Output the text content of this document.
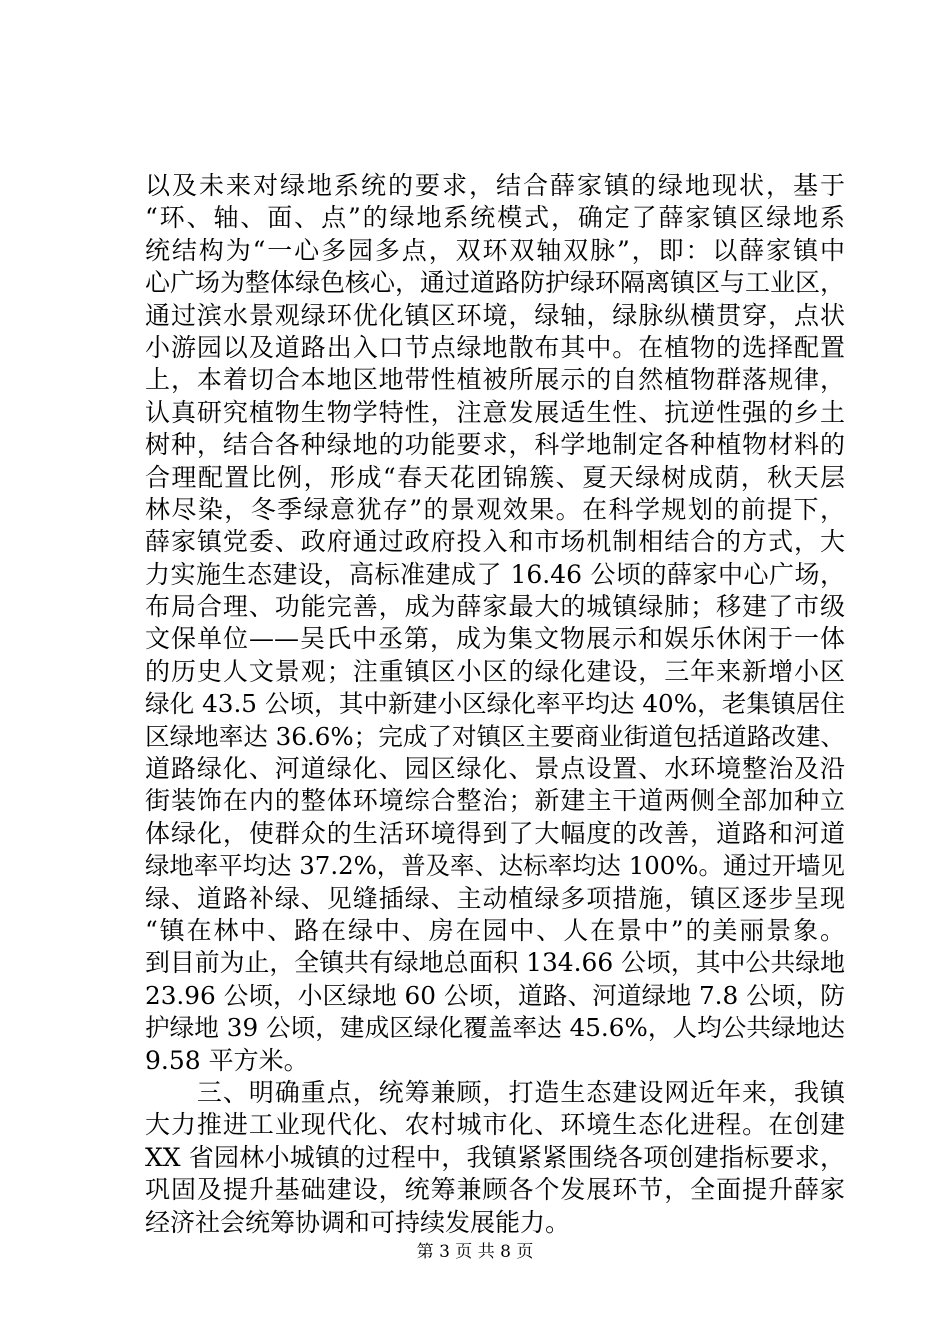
以及未来对绿地系统的要求，结合薛家镇的绿地现状，基于
“环、轴、面、点”的绿地系统模式，确定了薛家镇区绿地系
统结构为“一心多园多点，双环双轴双脉”，即：以薛家镇中
心广场为整体绿色核心，通过道路防护绿环隔离镇区与工业区，
通过滨水景观绿环优化镇区环境，绿轴，绿脉纵横贯穿，点状
小游园以及道路出入口节点绿地散布其中。在植物的选择配置
上，本着切合本地区地带性植被所展示的自然植物群落规律，
认真研究植物生物学特性，注意发展适生性、抗逆性强的乡土
树种，结合各种绿地的功能要求，科学地制定各种植物材料的
合理配置比例，形成“春天花团锦簇、夏天绿树成荫，秋天层
林尽染，冬季绿意犹存”的景观效果。在科学规划的前提下，
薛家镇党委、政府通过政府投入和市场机制相结合的方式，大
力实施生态建设，高标准建成了 16.46 公顷的薛家中心广场，
布局合理、功能完善，成为薛家最大的城镇绿肺；移建了市级
文保单位——吴氏中丞第，成为集文物展示和娱乐休闲于一体
的历史人文景观；注重镇区小区的绿化建设，三年来新增小区
绿化 43.5 公顷，其中新建小区绿化率平均达 40%，老集镇居住
区绿地率达 36.6%；完成了对镇区主要商业街道包括道路改建、
道路绿化、河道绿化、园区绿化、景点设置、水环境整治及沿
街装饰在内的整体环境综合整治；新建主干道两侧全部加种立
体绿化，使群众的生活环境得到了大幅度的改善，道路和河道
绿地率平均达 37.2%，普及率、达标率均达 100%。通过开墙见
绿、道路补绿、见缝插绿、主动植绿多项措施，镇区逐步呈现
“镇在林中、路在绿中、房在园中、人在景中”的美丽景象。
到目前为止，全镇共有绿地总面积 134.66 公顷，其中公共绿地
23.96 公顷，小区绿地 60 公顷，道路、河道绿地 7.8 公顷，防
护绿地 39 公顷，建成区绿化覆盖率达 45.6%，人均公共绿地达
9.58 平方米。
　　三、明确重点，统筹兼顾，打造生态建设网近年来，我镇
大力推进工业现代化、农村城市化、环境生态化进程。在创建
XX 省园林小城镇的过程中，我镇紧紧围绕各项创建指标要求，
巩固及提升基础建设，统筹兼顾各个发展环节，全面提升薛家
经济社会统筹协调和可持续发展能力。
第 3 页 共 8 页
